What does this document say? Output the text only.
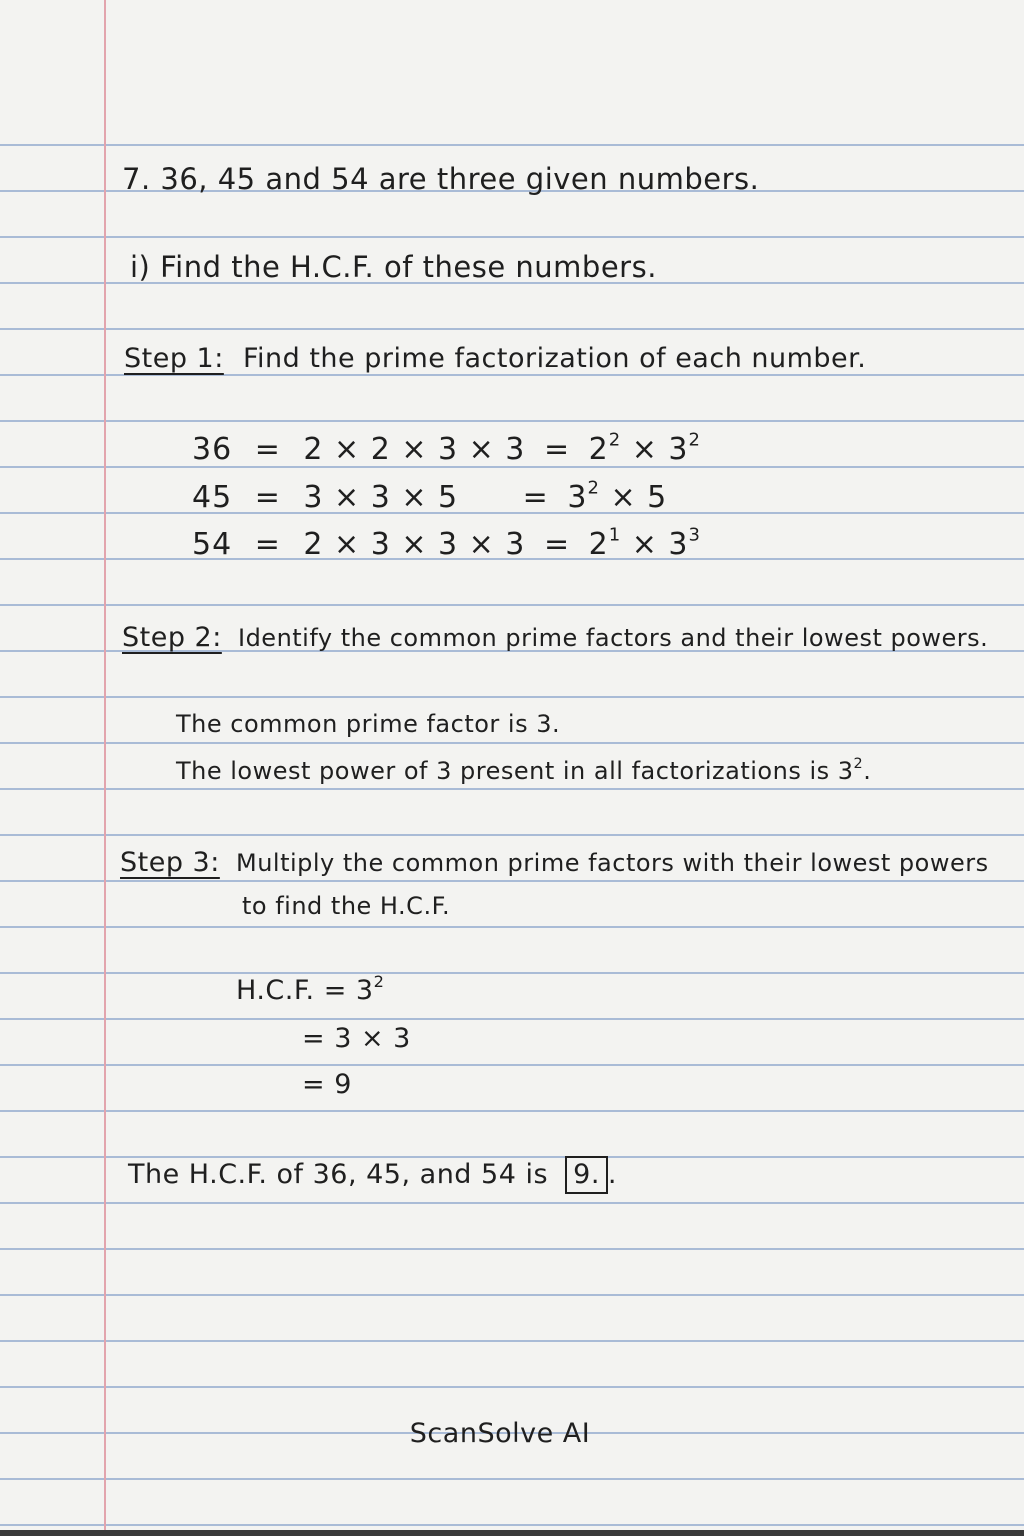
7. 36, 45 and 54 are three given numbers.
i) Find the H.C.F. of these numbers.
Step 1: Find the prime factorization of each number.
$36 = 2 \times 2 \times 3 \times 3 = 2^2 \times 3^2$
$45 = 3 \times 3 \times 5 = 3^2 \times 5$
$54 = 2 \times 3 \times 3 \times 3 = 2^1 \times 3^3$
Step 2: Identify the common prime factors and their lowest powers.
The common prime factor is 3.
The lowest power of 3 present in all factorizations is $3^2$.
Step 3: Multiply the common prime factors with their lowest powers
to find the H.C.F.
H.C.F. = $3^2$
= 3 × 3
= 9
The H.C.F. of 36, 45, and 54 is 9. .
ScanSolve AI
